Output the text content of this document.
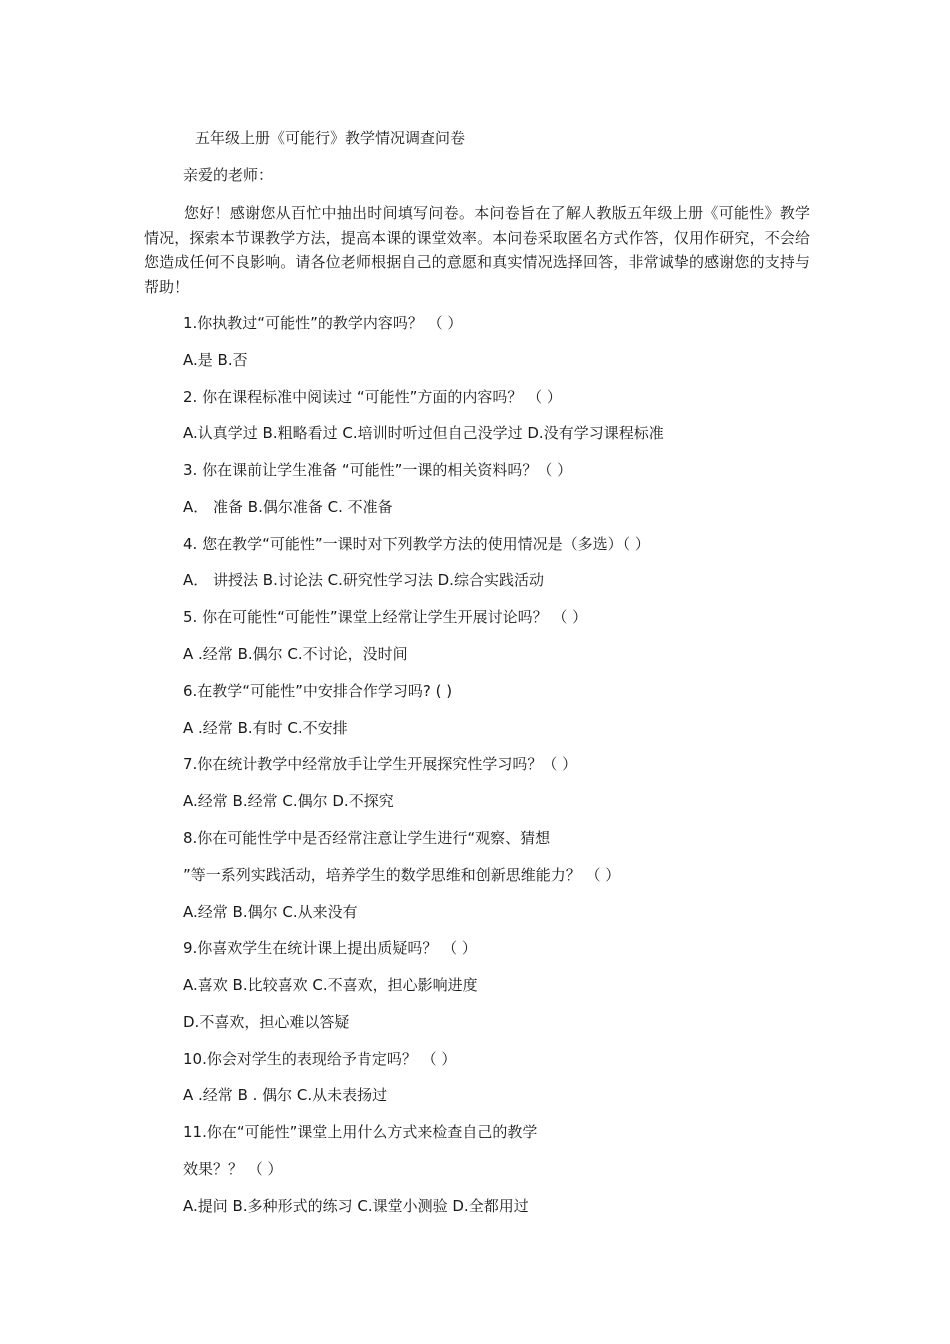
五年级上册《可能行》教学情况调查问卷

亲爱的老师：

您好！感谢您从百忙中抽出时间填写问卷。本问卷旨在了解人教版五年级上册《可能性》教学情况，探索本节课教学方法，提高本课的课堂效率。本问卷采取匿名方式作答，仅用作研究，不会给您造成任何不良影响。请各位老师根据自己的意愿和真实情况选择回答，非常诚挚的感谢您的支持与帮助！

1.你执教过“可能性”的教学内容吗？ （ ）

A.是 B.否

2. 你在课程标准中阅读过 “可能性”方面的内容吗？ （ ）

A.认真学过 B.粗略看过 C.培训时听过但自己没学过 D.没有学习课程标准

3. 你在课前让学生准备 “可能性”一课的相关资料吗？（ ）

A． 准备 B.偶尔准备 C. 不准备

4. 您在教学“可能性”一课时对下列教学方法的使用情况是（多选）（ ）

A． 讲授法 B.讨论法 C.研究性学习法 D.综合实践活动

5. 你在可能性“可能性”课堂上经常让学生开展讨论吗？ （ ）

A .经常 B.偶尔 C.不讨论，没时间

6.在教学“可能性”中安排合作学习吗? ( )

A .经常 B.有时 C.不安排

7.你在统计教学中经常放手让学生开展探究性学习吗？（ ）

A.经常 B.经常 C.偶尔 D.不探究

8.你在可能性学中是否经常注意让学生进行“观察、猜想

”等一系列实践活动，培养学生的数学思维和创新思维能力？ （ ）

A.经常 B.偶尔 C.从来没有

9.你喜欢学生在统计课上提出质疑吗？ （ ）

A.喜欢 B.比较喜欢 C.不喜欢，担心影响进度

D.不喜欢，担心难以答疑

10.你会对学生的表现给予肯定吗？ （ ）

A .经常 B . 偶尔 C.从未表扬过

11.你在“可能性”课堂上用什么方式来检查自己的教学

效果？？ （ ）

A.提问 B.多种形式的练习 C.课堂小测验 D.全都用过
